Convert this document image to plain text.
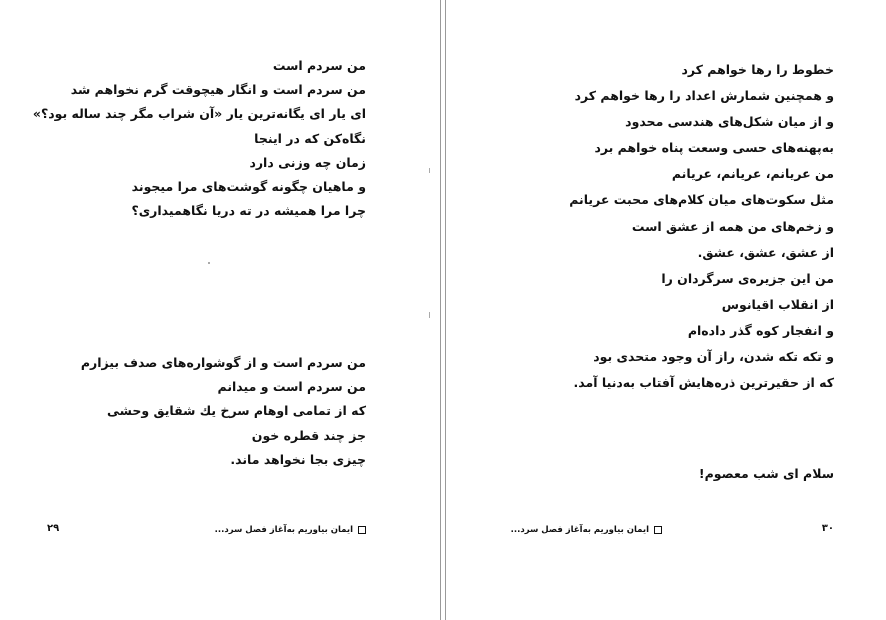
من سردم است
من سردم است و انگار هیچوقت گرم نخواهم شد
ای یار ای یگانه‌ترین یار «آن شراب مگر چند ساله بود؟»
نگاه‌کن که در اینجا
زمان چه وزنی دارد
و ماهیان چگونه گوشت‌های مرا میجوند
چرا مرا همیشه در ته دریا نگاهمیداری؟
من سردم است و از گوشواره‌های صدف بیزارم
من سردم است و میدانم
که از تمامی اوهام سرخ یك شقایق وحشی
جز چند قطره خون
چیزی بجا نخواهد ماند.
ایمان بیاوریم به‌آغاز فصل سرد...
۲۹
خطوط را رها خواهم کرد
و همچنین شمارش اعداد را رها خواهم کرد
و از میان شکل‌های هندسی محدود
به‌پهنه‌های حسی وسعت پناه خواهم برد
من عریانم، عریانم، عریانم
مثل سکوت‌های میان کلام‌های محبت عریانم
و زخم‌های من همه از عشق است
از عشق، عشق، عشق.
من این جزیره‌ی سرگردان را
از انقلاب اقیانوس
و انفجار کوه گذر داده‌ام
و تکه تکه شدن، راز آن وجود متحدی بود
که از حقیرترین ذره‌هایش آفتاب به‌دنیا آمد.
سلام ای شب معصوم!
ایمان بیاوریم به‌آغاز فصل سرد...	۳۰
